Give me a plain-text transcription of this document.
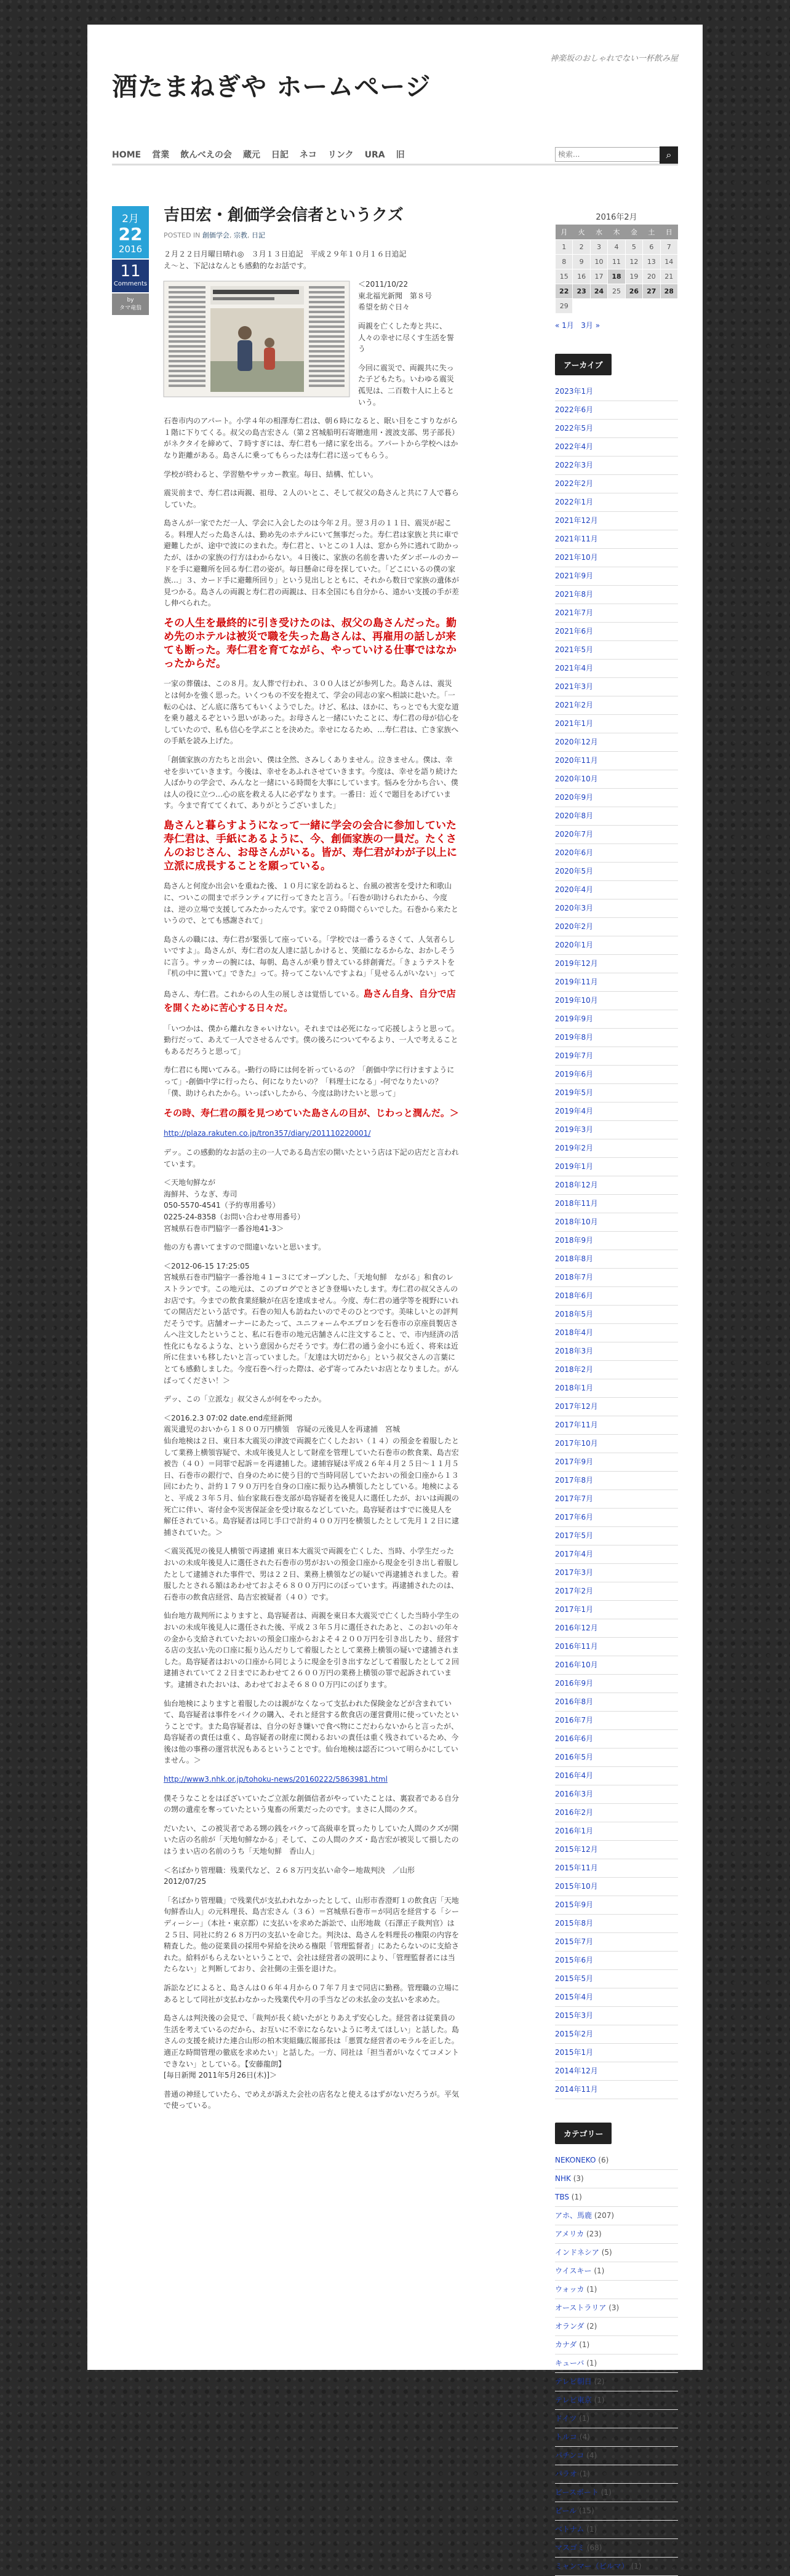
神楽坂のおしゃれでない一杯飲み屋
酒たまねぎや ホームページ
HOME	営業	飲んべえの会	蔵元	日記	ネコ	リンク	URA	旧
検索...	⌕
2月
22
2016
11
Comments
by
タマ竜翁
吉田宏・創価学会信者というクズ
POSTED IN 創価学会, 宗教, 日記

２月２２日月曜日晴れ◎　３月１３日追記　平成２９年１０月１６日追記
え〜と、下記はなんとも感動的なお話です。

＜2011/10/22
東北福光新聞　第８号
希望を紡ぐ日々

両親を亡くした寿と共に、人々の幸せに尽くす生活を誓う

今回に震災で、両親共に失った子どもたち。いわゆる震災孤児は、二百数十人に上るという。

石巻市内のアパート。小学４年の相澤寿仁君は、朝６時になると、眠い目をこすりながら１階に下りてくる。叔父の島吉宏さん（第２宮城船明石寄贈進用・渡波支部、男子部長）がネクタイを締めて、７時すぎには、寿仁君も一緒に家を出る。アパートから学校へはかなり距離がある。島さんに乗ってもらったは寿仁君に送ってもらう。

学校が終わると、学習塾やサッカー教室。毎日、結構、忙しい。

震災前まで、寿仁君は両親、祖母、２人のいとこ、そして叔父の島さんと共に７人で暮らしていた。

島さんが一家でただ一人、学会に入会したのは今年２月。翌３月の１１日、震災が起こる。料理人だった島さんは、勤め先のホテルにいて無事だった。寿仁君は家族と共に車で避難したが、途中で波にのまれた。寿仁君と、いとこの１人は、窓から外に逃れて助かったが、ほかの家族の行方はわからない。４日後に、家族の名前を書いたダンボールのカードを手に避難所を回る寿仁君の姿が。毎日懸命に母を探していた。「どこにいるの僕の家族…」３、カード手に避難所回り」という見出しとともに、それから数日で家族の遺体が見つかる。島さんの両親と寿仁君の両親は、日本全国にも自分から、遠かい支援の手が差し伸べられた。

その人生を最終的に引き受けたのは、叔父の島さんだった。勤め先のホテルは被災で職を失った島さんは、再雇用の話しが来ても断った。寿仁君を育てながら、やっていける仕事ではなかったからだ。

一家の葬儀は、この８月。友人葬で行われ、３００人ほどが参列した。島さんは、震災とは何かを強く思った。いくつもの不安を抱えて、学会の同志の家へ相談に赴いた。「一転の心は、どん底に落ちてもいくようでした。けど、私は、ほかに、ちっとでも大変な道を乗り越えるぞという思いがあった。お母さんと一緒にいたことに、寿仁君の母が信心をしていたので、私も信心を学ぶことを決めた。幸せになるため、…寿仁君は、亡き家族への手紙を読み上げた。

「創価家族の方たちと出会い、僕は全然、さみしくありません。泣きません。僕は、幸せを歩いていきます。今後は、幸せをあふれさせていきます。今度は、幸せを語り続けた人ばかりの学会で、みんなと一緒にいる時間を大事にしています。悩みを分かち合い、僕は人の役に立つ…心の底を救える人に必ずなります。一番日：近くで題目をあげています。今まで育ててくれて、ありがとうございました」

島さんと暮らすようになって一緒に学会の会合に参加していた寿仁君は、手紙にあるように、今、創価家族の一員だ。たくさんのおじさん、お母さんがいる。皆が、寿仁君がわが子以上に立派に成長することを願っている。

島さんと何度か出会いを重ねた後、１０月に家を訪ねると、台風の被害を受けた和歌山に、ついこの間までボランティアに行ってきたと言う。「石巻が助けられたから、今度は、逆の立場で支援してみたかったんです。家で２０時間ぐらいでした。石巻から来たというので、とても感謝されて」

島さんの職には、寿仁君が緊張して座っている。「学校では一番うるさくて、人気者らしいですよ」。島さんが、寿仁君の友人達に話しかけると、笑顔になるからな、おかしそうに言う。サッカーの腕には、毎朝、島さんが乗り替えている絆創膏だ。「きょうテストを『机の中に置いて』できた』って。持ってこないんですよね」「見せるんがいない」って

島さん、寿仁君。これからの人生の展しさは覚悟している。島さん自身、自分で店を開くために苦心する日々だ。

「いつかは、僕から離れなきゃいけない。それまでは必死になって応援しようと思って。勤行だって、あえて一人でさせるんです。僕の後ろについてやるより、一人で考えることもあるだろうと思って」

寿仁君にも聞いてみる。-勤行の時には何を祈っているの？「創価中学に行けますようにって」-創価中学に行ったら、何になりたいの？「料理士になる」-何でなりたいの？「僕、助けられたから。いっぱいしたから、今度は助けたいと思って」

その時、寿仁君の顔を見つめていた島さんの目が、じわっと潤んだ。＞

http://plaza.rakuten.co.jp/tron357/diary/201110220001/

デッ。この感動的なお話の主の一人である島吉宏の開いたという店は下記の店だと言われています。

＜天地旬鮮なが
海鮮丼、うなぎ、寿司
050-5570-4541（予約専用番号）
0225-24-8358（お問い合わせ専用番号）
宮城県石巻市門脇字一番谷地41-3＞

他の方も書いてますので間違いないと思います。

＜2012-06-15 17:25:05
宮城県石巻市門脇字一番谷地４１−３にてオープンした、「天地旬鮮　ながる」和食のレストランです。この地元は、このブログでとさどき登場いたします。寿仁君の叔父さんのお店です。今までの飲食業経験が在店を達成ません。今度、寿仁君の通学等を視野にいれての開店だという話です。石巻の知人も訪ねたいのでそのひとつです。美味しいとの評判だそうです。店舗オーナーにあたって、ユニフォームやエプロンを石巻市の京座員製店さんへ注文したということ、私に石巻市の地元店舗さんに注文すること、で、市内経済の活性化にもなるような、という意図からだそうです。寿仁君の通う金小にも近く、将来は近所に住まいも移したいと言っていました。「友達は大切だから」という叔父さんの言葉にとても感動しました。今度石巻へ行った際は、必ず寄ってみたいお店となりました。がんばってください！＞

デッ、この「立派な」叔父さんが何をやったか。

＜2016.2.3 07:02 date.end産経新聞
震災遺児のおいから１８００万円横領　容疑の元後見人を再逮捕　宮城
仙台地検は２日、東日本大震災の津波で両親を亡くしたおい（１４）の預金を着服したとして業務上横領容疑で、未成年後見人として財産を管理していた石巻市の飲食業、島吉宏被告（４０）＝同罪で起訴＝を再逮捕した。逮捕容疑は平成２６年４月２５日〜１１月５日、石巻市の銀行で、自身のために使う目的で当時同居していたおいの預金口座から１３回にわたり、計約１７９０万円を自身の口座に振り込み横領したとしている。地検によると、平成２３年５月、仙台家裁石巻支部が島容疑者を後見人に選任したが、おいは両親の死亡に伴い、寄付金や災害保証金を受け取るなどしていた。島容疑者はすでに後見人を解任されている。島容疑者は同じ手口で計約４００万円を横領したとして先月１２日に逮捕されていた。＞

＜震災孤児の後見人横領で再逮捕 東日本大震災で両親を亡くした、当時、小学生だったおいの未成年後見人に選任された石巻市の男がおいの預金口座から現金を引き出し着服したとして逮捕された事件で、男は２２日、業務上横領などの疑いで再逮捕されました。着服したとされる額はあわせておよそ６８００万円にのぼっています。再逮捕されたのは、石巻市の飲食店経営、島吉宏被疑者（４０）です。

仙台地方裁判所によりますと、島容疑者は、両親を東日本大震災で亡くした当時小学生のおいの未成年後見人に選任された後、平成２３年５月に選任されたあと、このおいの年々の金から支給されていたおいの預金口座からおよそ４２００万円を引き出したり、経営する店の支払い先の口座に振り込んだりして着服したとして業務上横領の疑いで逮捕されました。島容疑者はおいの口座から同じように現金を引き出すなどして着服したとして２回逮捕されていて２２日までにあわせて２６００万円の業務上横領の罪で起訴されています。逮捕されたおいは、あわせておよそ６８００万円にのぼります。

仙台地検によりますと着服したのは親がなくなって支払われた保険金などが含まれていて、島容疑者は事件をバイクの購入、それと経営する飲食店の運営費用に使っていたということです。また島容疑者は、自分の好き嫌いで食べ物にこだわらないからと言ったが、島容疑者の責任は重く、島容疑者の財産に関わるおいの責任は重く残されているため、今後は他の事務の運営状況もあるということです。仙台地検は認否について明らかにしていません。＞

http://www3.nhk.or.jp/tohoku-news/20160222/5863981.html

僕そうなことをはぼざいていたご立派な創価信者がやっていたことは、裏寂者である自分の甥の遺産を奪っていたという鬼畜の所業だったのです。まさに人間のクズ。

だいたい、この被災者である甥の銭をバクって高級車を買ったりしていた人間のクズが開いた店の名前が「天地旬鮮なかる」そして、この人間のクズ・島吉宏が被災して損したのはうまい店の名前のうち「天地旬鮮　香山人」

＜名ばかり管理職：残業代など、２６８万円支払い命令ー地裁判決　／山形
2012/07/25

「名ばかり管理職」で残業代が支払われなかったとして、山形市香澄町１の飲食店「天地旬鮮香山人」の元料理長、島吉宏さん（３６）＝宮城県石巻市＝が同店を経営する「シーディーシー」（本社・東京都）に支払いを求めた訴訟で、山形地裁（石澤正子裁判官）は２５日、同社に約２６８万円の支払いを命じた。判決は、島さんを料理長の権限の内容を精査した。他の従業員の採用や昇給を決める権限「管理監督者」にあたらないのに支給された。給料がもらえないということで、会社は経営者の説明により、「管理監督者には当たらない」と判断しており、会社側の主張を退けた。

訴訟などによると、島さんは０６年４月から０７年７月まで同店に勤務。管理職の立場にあるとして同社が支払わなかった残業代や月の手当などの未払金の支払いを求めた。

島さんは判決後の会見で、「裁判が長く続いたがとりあえず安心した。経営者は従業員の生活を考えているのだから、お互いに不幸にならないように考えてほしい」と話した。島さんの支援を続けた連合山形の柏木実組織広報部長は「悪質な経営者のモラルを正した。適正な時間管理の徹底を求めたい」と話した。一方、同社は「担当者がいなくてコメントできない」としている。【安藤龍朗】
[毎日新聞 2011年5月26日(木)]＞

普通の神経していたら、でめえが訴えた会社の店名なと使えるはずがないだろうが。平気で使っている。

2016年2月
月	火	水	木	金	土	日
1	2	3	4	5	6	7
8	9	10	11	12	13	14
15	16	17	18	19	20	21
22	23	24	25	26	27	28
29						
« 1月 3月 »
アーカイブ
2023年1月
2022年6月
2022年5月
2022年4月
2022年3月
2022年2月
2022年1月
2021年12月
2021年11月
2021年10月
2021年9月
2021年8月
2021年7月
2021年6月
2021年5月
2021年4月
2021年3月
2021年2月
2021年1月
2020年12月
2020年11月
2020年10月
2020年9月
2020年8月
2020年7月
2020年6月
2020年5月
2020年4月
2020年3月
2020年2月
2020年1月
2019年12月
2019年11月
2019年10月
2019年9月
2019年8月
2019年7月
2019年6月
2019年5月
2019年4月
2019年3月
2019年2月
2019年1月
2018年12月
2018年11月
2018年10月
2018年9月
2018年8月
2018年7月
2018年6月
2018年5月
2018年4月
2018年3月
2018年2月
2018年1月
2017年12月
2017年11月
2017年10月
2017年9月
2017年8月
2017年7月
2017年6月
2017年5月
2017年4月
2017年3月
2017年2月
2017年1月
2016年12月
2016年11月
2016年10月
2016年9月
2016年8月
2016年7月
2016年6月
2016年5月
2016年4月
2016年3月
2016年2月
2016年1月
2015年12月
2015年11月
2015年10月
2015年9月
2015年8月
2015年7月
2015年6月
2015年5月
2015年4月
2015年3月
2015年2月
2015年1月
2014年12月
2014年11月
カテゴリー
NEKONEKO (6)
NHK (3)
TBS (1)
アホ、馬鹿 (207)
アメリカ (23)
インドネシア (5)
ウイスキー (1)
ウォッカ (1)
オーストラリア (3)
オランダ (2)
カナダ (1)
キューバ (1)
テレビ朝日 (2)
テレビ東京 (1)
ドイツ (1)
トルコ (4)
パチンコ (4)
パラオ (1)
ビースボート (1)
ビール (15)
ベトナム (1)
マスゴミ (68)
ミャンマー（ビルマ） (1)
